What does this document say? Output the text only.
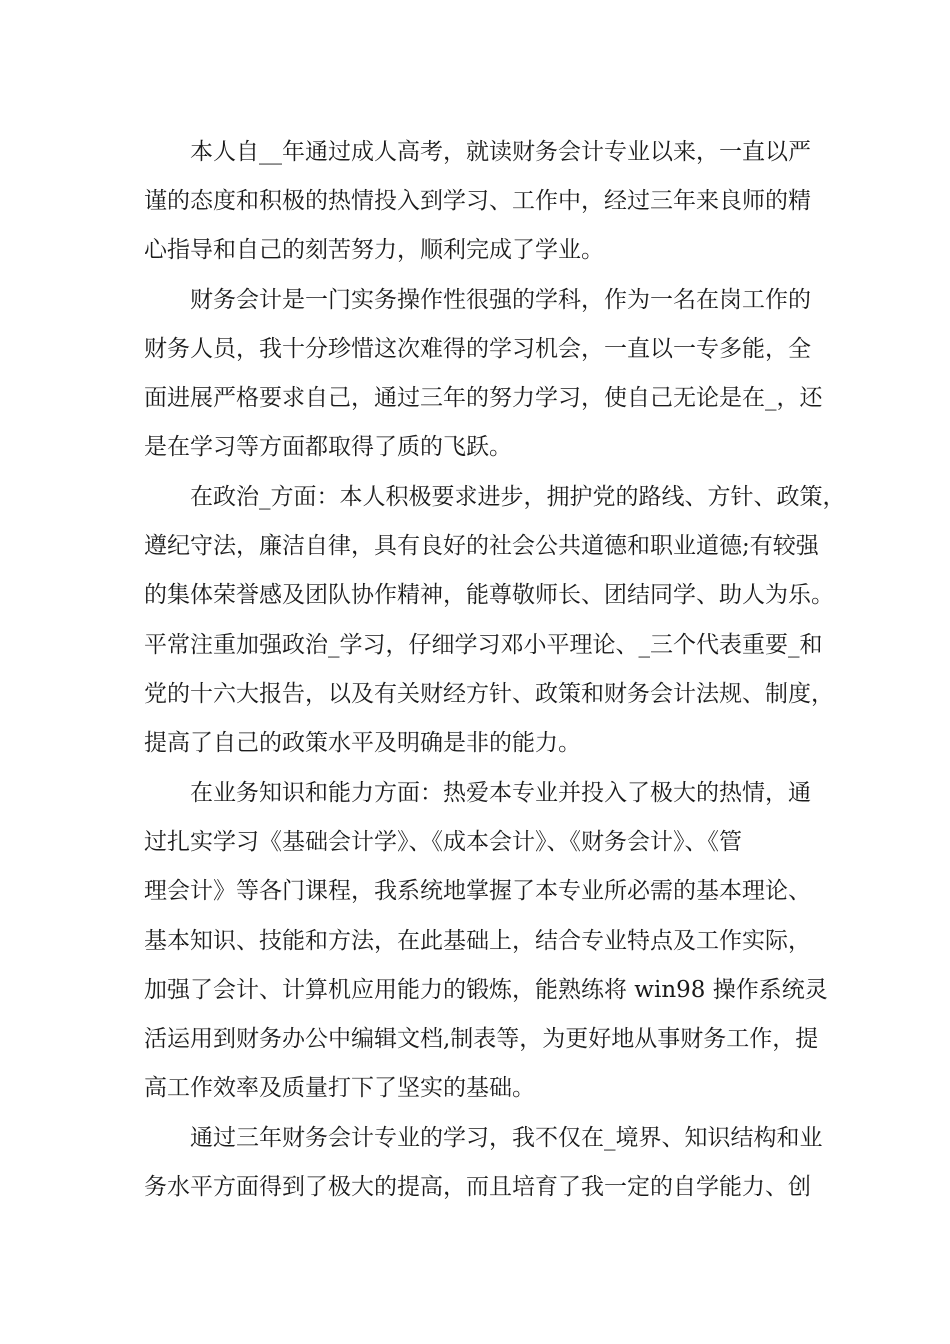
本人自__年通过成人高考，就读财务会计专业以来，一直以严
谨的态度和积极的热情投入到学习、工作中，经过三年来良师的精
心指导和自己的刻苦努力，顺利完成了学业。
财务会计是一门实务操作性很强的学科，作为一名在岗工作的
财务人员，我十分珍惜这次难得的学习机会，一直以一专多能，全
面进展严格要求自己，通过三年的努力学习，使自己无论是在_，还
是在学习等方面都取得了质的飞跃。
在政治_方面：本人积极要求进步，拥护党的路线、方针、政策，
遵纪守法，廉洁自律，具有良好的社会公共道德和职业道德;有较强
的集体荣誉感及团队协作精神，能尊敬师长、团结同学、助人为乐。
平常注重加强政治_学习，仔细学习邓小平理论、_三个代表重要_和
党的十六大报告，以及有关财经方针、政策和财务会计法规、制度，
提高了自己的政策水平及明确是非的能力。
在业务知识和能力方面：热爱本专业并投入了极大的热情，通
过扎实学习《基础会计学》、《成本会计》、《财务会计》、《管
理会计》等各门课程，我系统地掌握了本专业所必需的基本理论、
基本知识、技能和方法，在此基础上，结合专业特点及工作实际，
加强了会计、计算机应用能力的锻炼，能熟练将 win98 操作系统灵
活运用到财务办公中编辑文档,制表等，为更好地从事财务工作，提
高工作效率及质量打下了坚实的基础。
通过三年财务会计专业的学习，我不仅在_境界、知识结构和业
务水平方面得到了极大的提高，而且培育了我一定的自学能力、创
